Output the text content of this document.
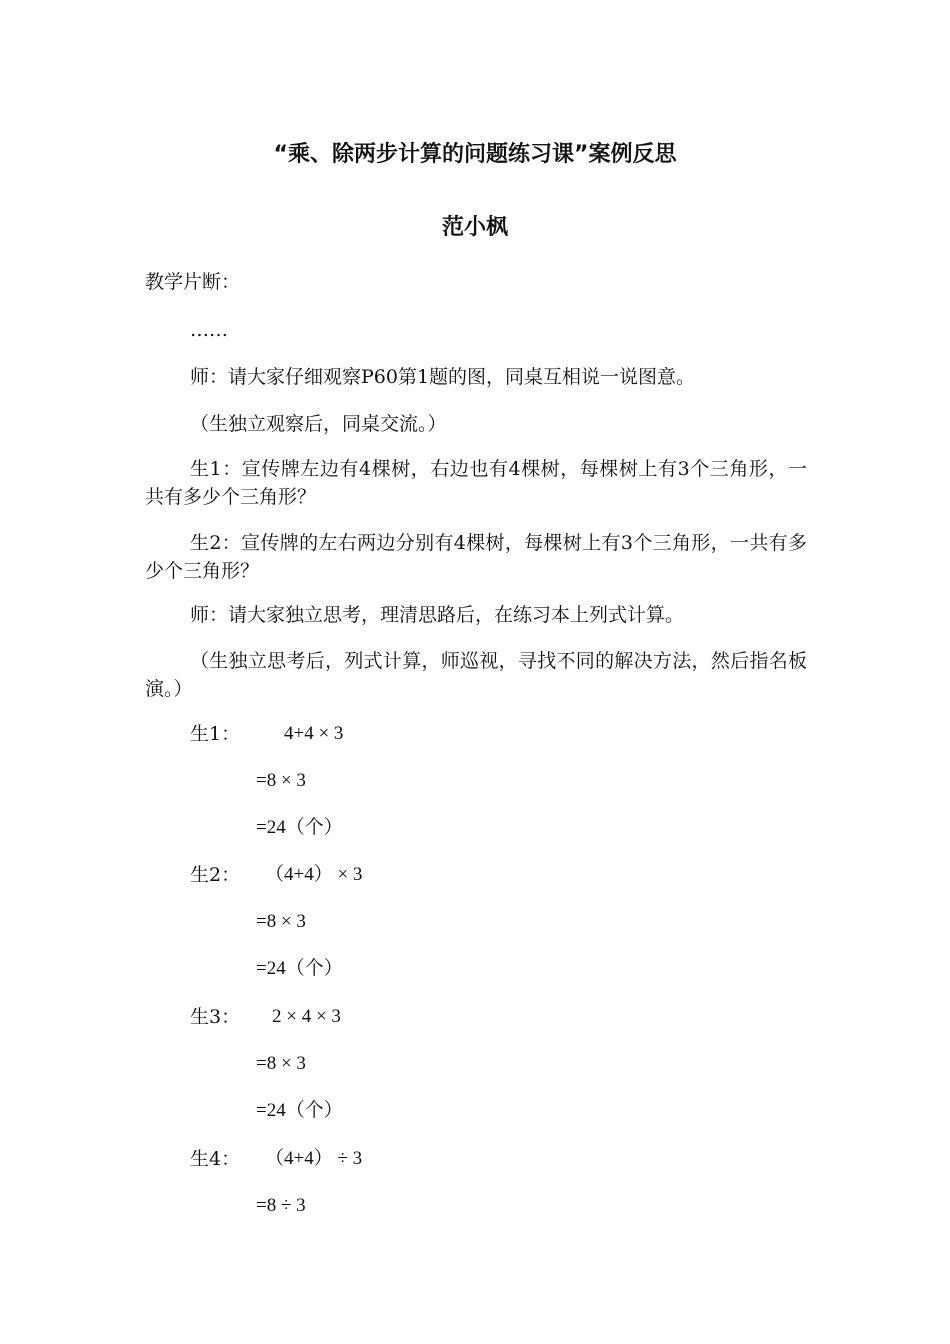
“乘、除两步计算的问题练习课”案例反思
范小枫
教学片断：
……
师：请大家仔细观察P60第1题的图，同桌互相说一说图意。
（生独立观察后，同桌交流。）
生1：宣传牌左边有4棵树，右边也有4棵树，每棵树上有3个三角形，一共有多少个三角形？
生2：宣传牌的左右两边分别有4棵树，每棵树上有3个三角形，一共有多少个三角形？
师：请大家独立思考，理清思路后，在练习本上列式计算。
（生独立思考后，列式计算，师巡视，寻找不同的解决方法，然后指名板演。）
生1： 4+4 × 3
=8 × 3
=24（个）
生2： （4+4） × 3
=8 × 3
=24（个）
生3： 2 × 4 × 3
=8 × 3
=24（个）
生4： （4+4） ÷ 3
=8 ÷ 3
